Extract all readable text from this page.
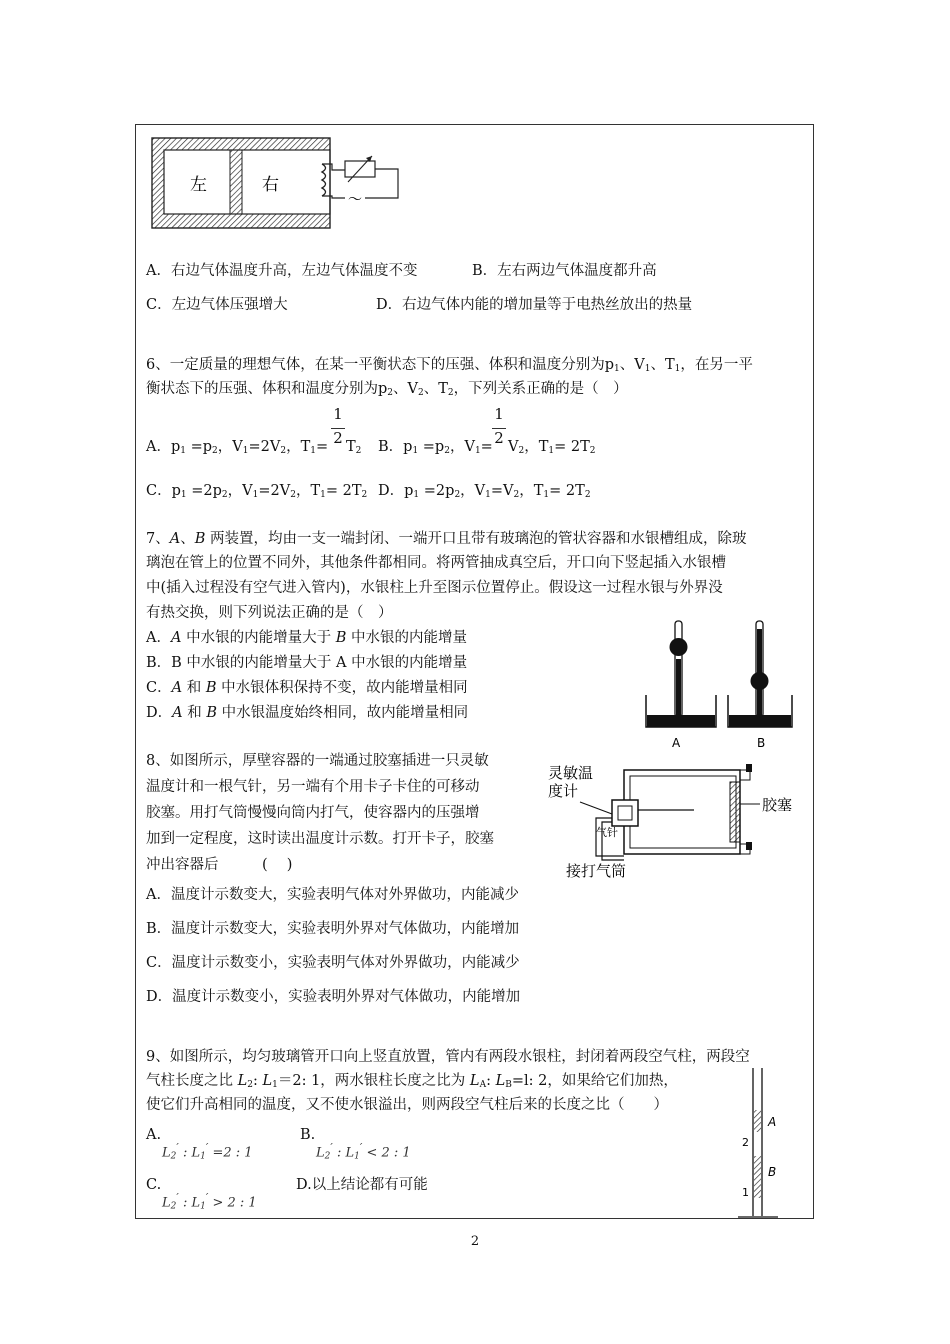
左	右
～
A．右边气体温度升高，左边气体温度不变	B．左右两边气体温度都升高
C．左边气体压强增大	D．右边气体内能的增加量等于电热丝放出的热量
6、一定质量的理想气体，在某一平衡状态下的压强、体积和温度分别为$p_1$、$V_1$、$T_1$，在另一平
衡状态下的压强、体积和温度分别为$p_2$、$V_2$、$T_2$，下列关系正确的是（　）
1
2
1
2
A．$p_1 =p_2$，$V_1=2V_2$，$T_1= T_2$ B．$p_1 =p_2$，$V_1= V_2$，$T_1= 2T_2$
C．$p_1 =2p_2$，$V_1=2V_2$，$T_1= 2T_2$ D．$p_1 =2p_2$，$V_1=V_2$，$T_1= 2T_2$
7、A、B 两装置，均由一支一端封闭、一端开口且带有玻璃泡的管状容器和水银槽组成，除玻
璃泡在管上的位置不同外，其他条件都相同。将两管抽成真空后，开口向下竖起插入水银槽
中(插入过程没有空气进入管内)，水银柱上升至图示位置停止。假设这一过程水银与外界没
有热交换，则下列说法正确的是（　）
A．A 中水银的内能增量大于 B 中水银的内能增量
B．B 中水银的内能增量大于 A 中水银的内能增量
C．A 和 B 中水银体积保持不变，故内能增量相同
D．A 和 B 中水银温度始终相同，故内能增量相同
A	B
8、如图所示，厚壁容器的一端通过胶塞插进一只灵敏
温度计和一根气针，另一端有个用卡子卡住的可移动
胶塞。用打气筒慢慢向筒内打气，使容器内的压强增
加到一定程度，这时读出温度计示数。打开卡子，胶塞
冲出容器后　　　(　 )
灵敏温
度计
气针
胶塞
接打气筒
A．温度计示数变大，实验表明气体对外界做功，内能减少
B．温度计示数变大，实验表明外界对气体做功，内能增加
C．温度计示数变小，实验表明气体对外界做功，内能减少
D．温度计示数变小，实验表明外界对气体做功，内能增加
9、如图所示，均匀玻璃管开口向上竖直放置，管内有两段水银柱，封闭着两段空气柱，两段空
气柱长度之比 $L_2$: $L_1=2$: 1，两水银柱长度之比为 $L_A$: $L_B=l$: 2，如果给它们加热，
使它们升高相同的温度，又不使水银溢出，则两段空气柱后来的长度之比（　　）
A.
$L_2'$ : $L_1' =2$ : 1
B.
$L_2'$ : $L_1' < 2$ : 1
C.
$L_2'$ : $L_1' > 2$ : 1
D.以上结论都有可能
A
2
B
1
2
